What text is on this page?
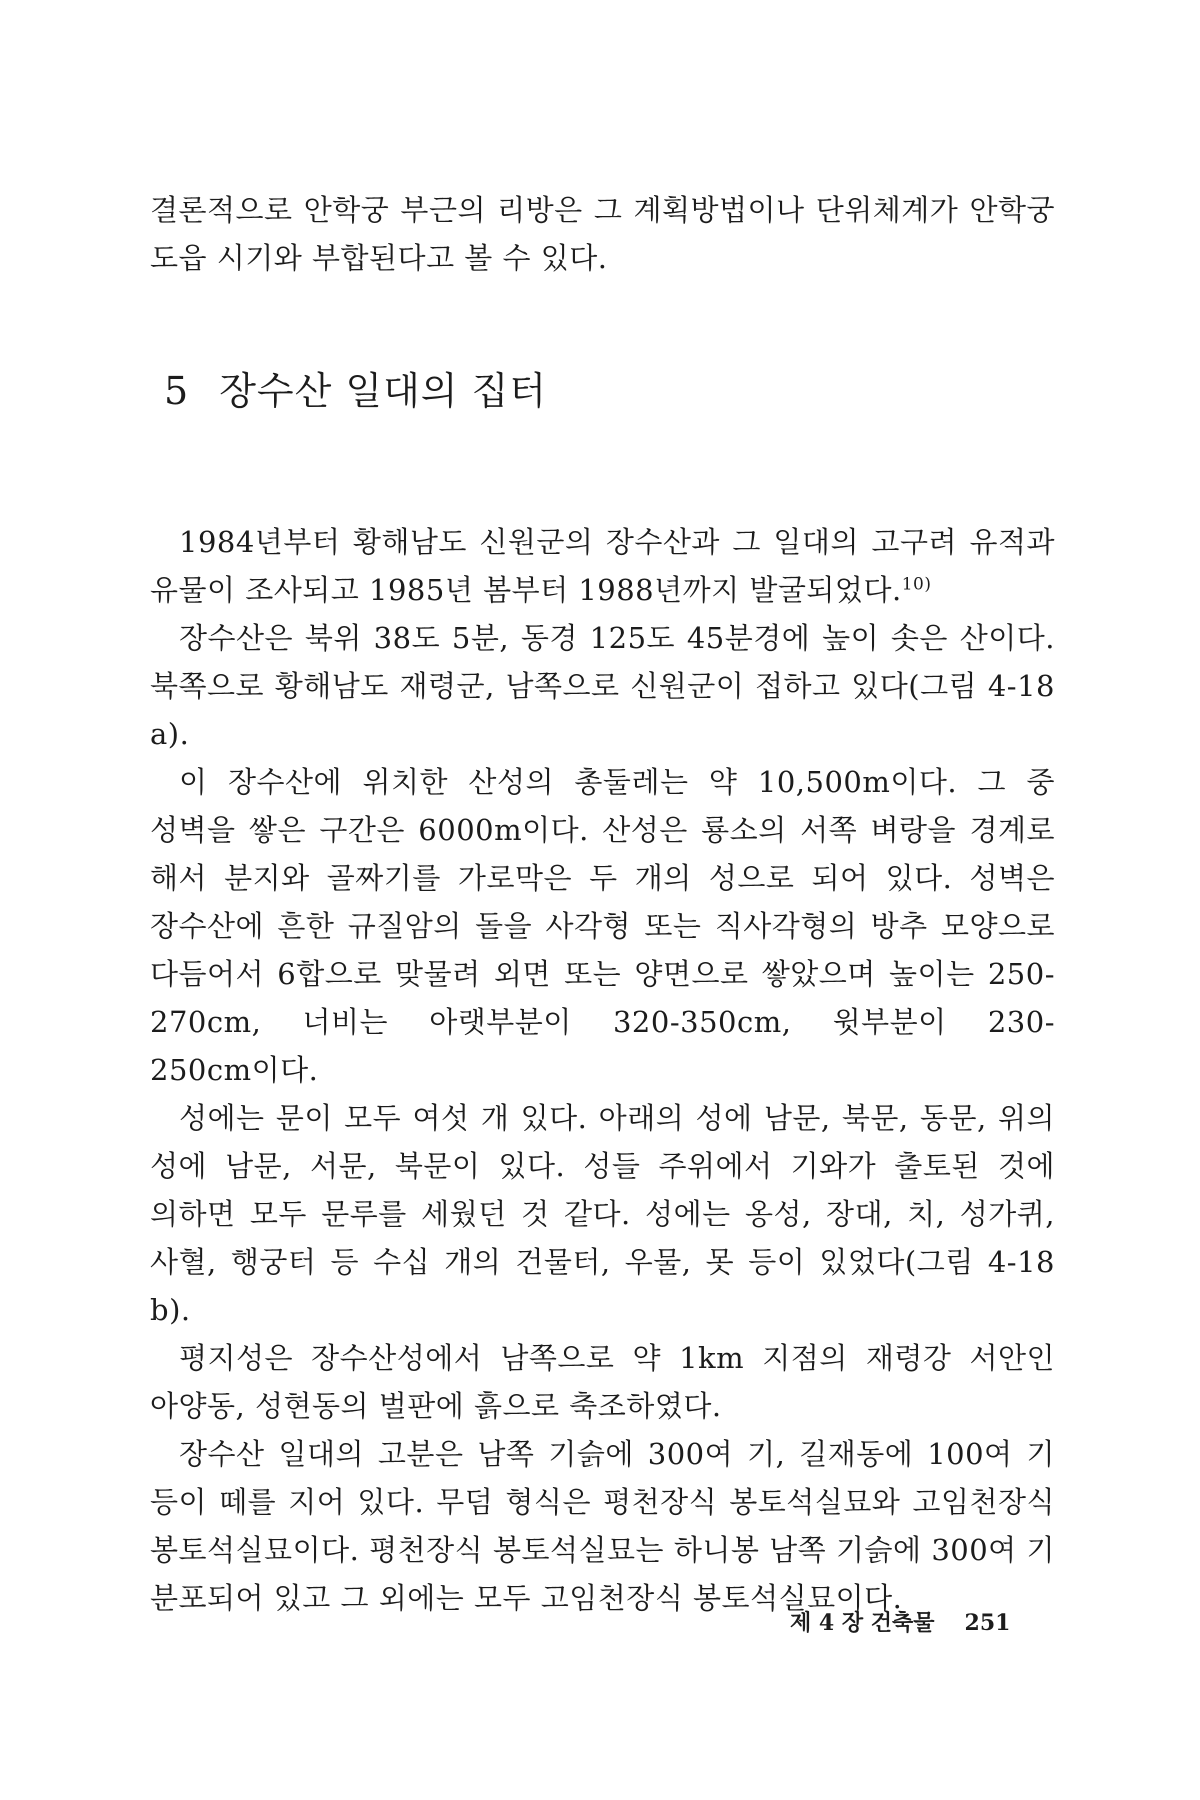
결론적으로 안학궁 부근의 리방은 그 계획방법이나 단위체계가 안학궁 도읍 시기와 부합된다고 볼 수 있다.

5 장수산 일대의 집터

1984년부터 황해남도 신원군의 장수산과 그 일대의 고구려 유적과 유물이 조사되고 1985년 봄부터 1988년까지 발굴되었다.$^{10)}$

장수산은 북위 38도 5분, 동경 125도 45분경에 높이 솟은 산이다. 북쪽으로 황해남도 재령군, 남쪽으로 신원군이 접하고 있다(그림 4-18 a).

이 장수산에 위치한 산성의 총둘레는 약 10,500m이다. 그 중 성벽을 쌓은 구간은 6000m이다. 산성은 룡소의 서쪽 벼랑을 경계로 해서 분지와 골짜기를 가로막은 두 개의 성으로 되어 있다. 성벽은 장수산에 흔한 규질암의 돌을 사각형 또는 직사각형의 방추 모양으로 다듬어서 6합으로 맞물려 외면 또는 양면으로 쌓았으며 높이는 250-270cm, 너비는 아랫부분이 320-350cm, 윗부분이 230-250cm이다.

성에는 문이 모두 여섯 개 있다. 아래의 성에 남문, 북문, 동문, 위의 성에 남문, 서문, 북문이 있다. 성들 주위에서 기와가 출토된 것에 의하면 모두 문루를 세웠던 것 같다. 성에는 옹성, 장대, 치, 성가퀴, 사혈, 행궁터 등 수십 개의 건물터, 우물, 못 등이 있었다(그림 4-18 b).

평지성은 장수산성에서 남쪽으로 약 1km 지점의 재령강 서안인 아양동, 성현동의 벌판에 흙으로 축조하였다.

장수산 일대의 고분은 남쪽 기슭에 300여 기, 길재동에 100여 기 등이 떼를 지어 있다. 무덤 형식은 평천장식 봉토석실묘와 고임천장식 봉토석실묘이다. 평천장식 봉토석실묘는 하니봉 남쪽 기슭에 300여 기 분포되어 있고 그 외에는 모두 고임천장식 봉토석실묘이다.

제 4 장 건축물 251
